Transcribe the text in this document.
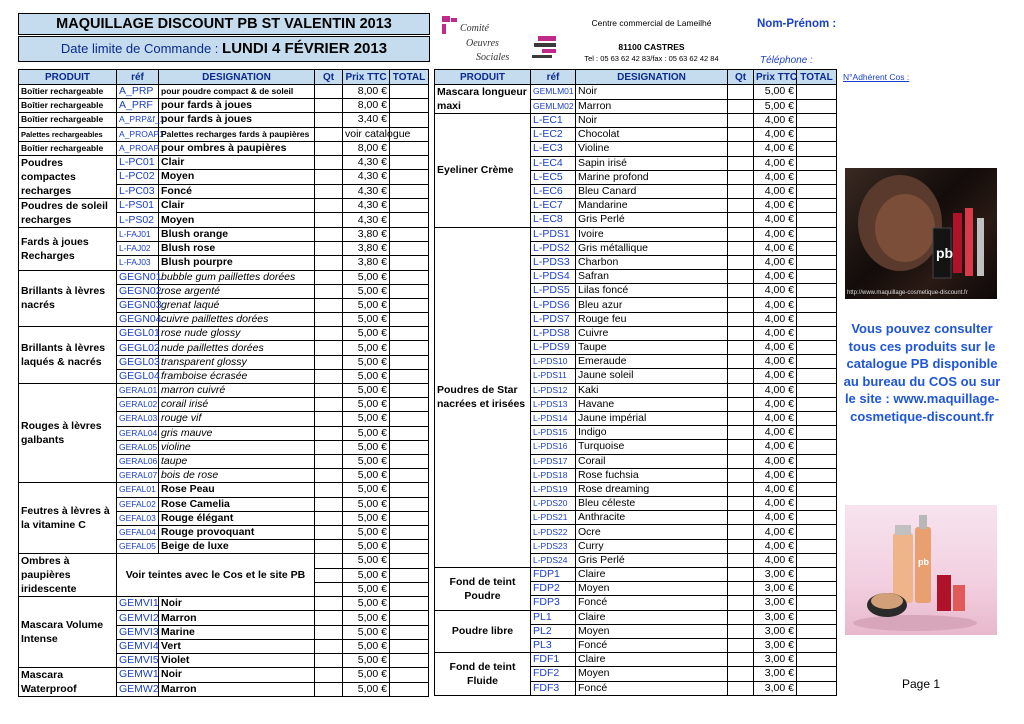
MAQUILLAGE DISCOUNT PB ST VALENTIN 2013
Date limite de Commande : LUNDI 4 FÉVRIER 2013
Comité
Oeuvres
Sociales
Centre commercial de Lameilhé
81100 CASTRES
Tel : 05 63 62 42 83/fax : 05 63 62 42 84
Nom-Prénom :
Téléphone :
N°Adhérent Cos :
PRODUIT	réf	DESIGNATION	Qt	Prix TTC	TOTAL
Boîtier rechargeable	A_PRP	pour poudre compact & de soleil		8,00 €	
Boîtier rechargeable	A_PRF	pour fards à joues		8,00 €	
Boîtier rechargeable	A_PRP&f_1	pour fards à joues		3,40 €	
Palettes rechargeables	A_PROAP1	Palettes recharges fards à paupières		voir catalogue	
Boîtier rechargeable	A_PROAP	pour ombres à paupières		8,00 €	
Poudres compactes recharges	L-PC01	Clair		4,30 €	
	L-PC02	Moyen		4,30 €	
	L-PC03	Foncé		4,30 €	
Poudres de soleil recharges	L-PS01	Clair		4,30 €	
	L-PS02	Moyen		4,30 €	
Fards à joues Recharges	L-FAJ01	Blush orange		3,80 €	
	L-FAJ02	Blush rose		3,80 €	
	L-FAJ03	Blush pourpre		3,80 €	
Brillants à lèvres nacrés	GEGN01	bubble gum paillettes dorées		5,00 €	
	GEGN02	rose argenté		5,00 €	
	GEGN03	grenat laqué		5,00 €	
	GEGN04	cuivre paillettes dorées		5,00 €	
Brillants à lèvres laqués & nacrés	GEGL01	rose nude glossy		5,00 €	
	GEGL02	nude paillettes dorées		5,00 €	
	GEGL03	transparent glossy		5,00 €	
	GEGL04	framboise écrasée		5,00 €	
Rouges à lèvres galbants	GERAL01	marron cuivré		5,00 €	
	GERAL02	corail irisé		5,00 €	
	GERAL03	rouge vif		5,00 €	
	GERAL04	gris mauve		5,00 €	
	GERAL05	violine		5,00 €	
	GERAL06	taupe		5,00 €	
	GERAL07	bois de rose		5,00 €	
Feutres à lèvres à la vitamine C	GEFAL01	Rose Peau		5,00 €	
	GEFAL02	Rose Camelia		5,00 €	
	GEFAL03	Rouge élégant		5,00 €	
	GEFAL04	Rouge provoquant		5,00 €	
	GEFAL05	Beige de luxe		5,00 €	
Ombres à paupières iridescente	Voir teintes avec le Cos et le site PB			5,00 €	
				5,00 €	
				5,00 €	
Mascara Volume Intense	GEMVI1	Noir		5,00 €	
	GEMVI2	Marron		5,00 €	
	GEMVI3	Marine		5,00 €	
	GEMVI4	Vert		5,00 €	
	GEMVI5	Violet		5,00 €	
Mascara Waterproof	GEMW1	Noir		5,00 €	
	GEMW2	Marron		5,00 €	
PRODUIT	réf	DESIGNATION	Qt	Prix TTC	TOTAL
Mascara longueur maxi	GEMLM01	Noir		5,00 €	
	GEMLM02	Marron		5,00 €	
Eyeliner Crème	L-EC1	Noir		4,00 €	
	L-EC2	Chocolat		4,00 €	
	L-EC3	Violine		4,00 €	
	L-EC4	Sapin irisé		4,00 €	
	L-EC5	Marine profond		4,00 €	
	L-EC6	Bleu Canard		4,00 €	
	L-EC7	Mandarine		4,00 €	
	L-EC8	Gris Perlé		4,00 €	
Poudres de Star nacrées et irisées	L-PDS1	Ivoire		4,00 €	
	L-PDS2	Gris métallique		4,00 €	
	L-PDS3	Charbon		4,00 €	
	L-PDS4	Safran		4,00 €	
	L-PDS5	Lilas foncé		4,00 €	
	L-PDS6	Bleu azur		4,00 €	
	L-PDS7	Rouge feu		4,00 €	
	L-PDS8	Cuivre		4,00 €	
	L-PDS9	Taupe		4,00 €	
	L-PDS10	Emeraude		4,00 €	
	L-PDS11	Jaune soleil		4,00 €	
	L-PDS12	Kaki		4,00 €	
	L-PDS13	Havane		4,00 €	
	L-PDS14	Jaune impérial		4,00 €	
	L-PDS15	Indigo		4,00 €	
	L-PDS16	Turquoise		4,00 €	
	L-PDS17	Corail		4,00 €	
	L-PDS18	Rose fuchsia		4,00 €	
	L-PDS19	Rose dreaming		4,00 €	
	L-PDS20	Bleu céleste		4,00 €	
	L-PDS21	Anthracite		4,00 €	
	L-PDS22	Ocre		4,00 €	
	L-PDS23	Curry		4,00 €	
	L-PDS24	Gris Perlé		4,00 €	
Fond de teint Poudre	FDP1	Claire		3,00 €	
	FDP2	Moyen		3,00 €	
	FDP3	Foncé		3,00 €	
Poudre libre	PL1	Claire		3,00 €	
	PL2	Moyen		3,00 €	
	PL3	Foncé		3,00 €	
Fond de teint Fluide	FDF1	Claire		3,00 €	
	FDF2	Moyen		3,00 €	
	FDF3	Foncé		3,00 €	
pb
http://www.maquillage-cosmetique-discount.fr
Vous pouvez consulter tous ces produits sur le catalogue PB disponible au bureau du COS ou sur le site : www.maquillage-cosmetique-discount.fr
pb
Page 1
